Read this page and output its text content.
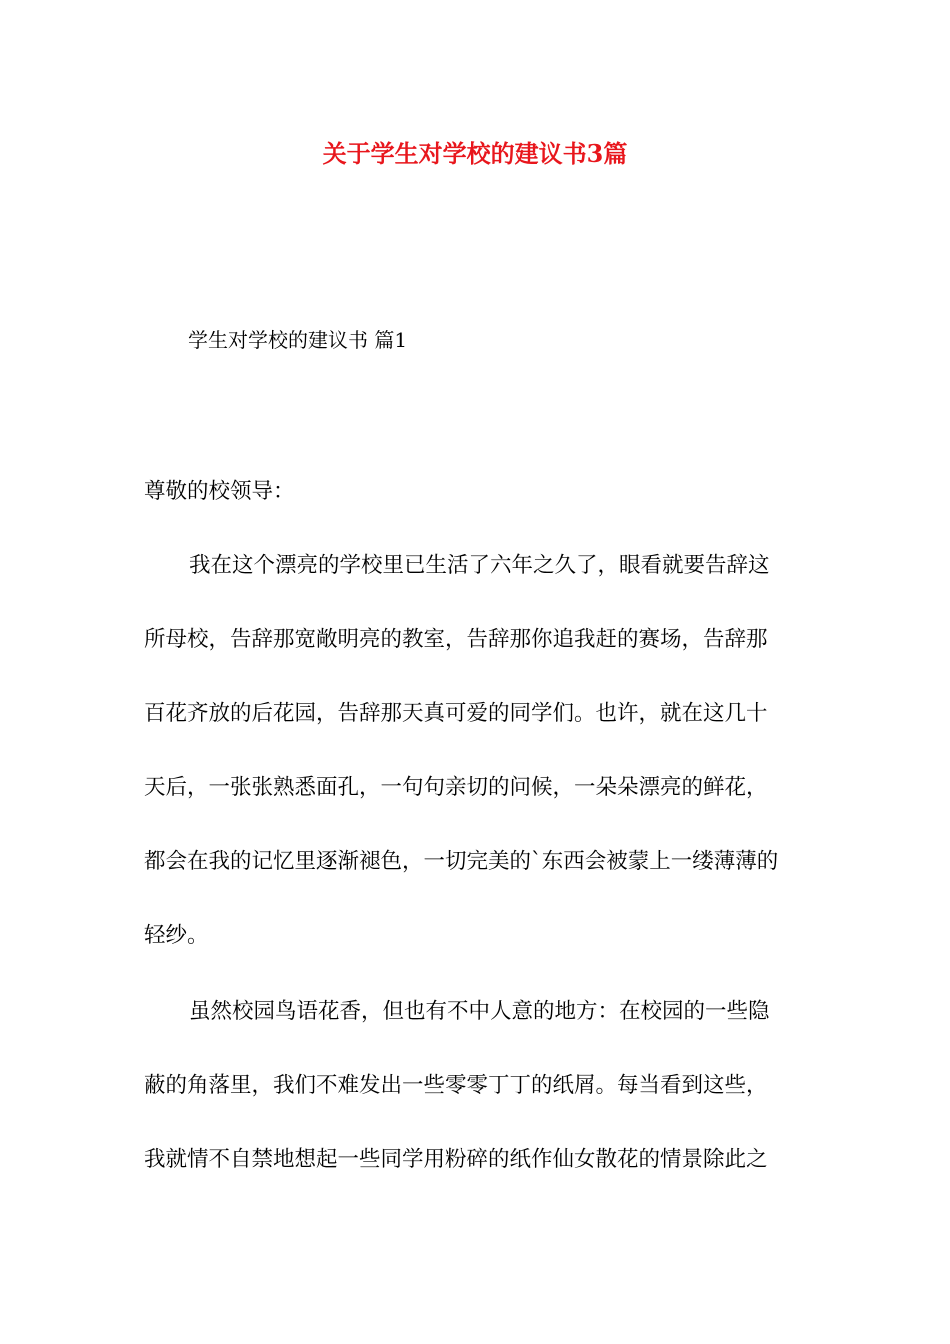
关于学生对学校的建议书3篇
学生对学校的建议书 篇1
尊敬的校领导：
我在这个漂亮的学校里已生活了六年之久了，眼看就要告辞这
所母校，告辞那宽敞明亮的教室，告辞那你追我赶的赛场，告辞那
百花齐放的后花园，告辞那天真可爱的同学们。也许，就在这几十
天后，一张张熟悉面孔，一句句亲切的问候，一朵朵漂亮的鲜花，
都会在我的记忆里逐渐褪色，一切完美的`东西会被蒙上一缕薄薄的
轻纱。
虽然校园鸟语花香，但也有不中人意的地方：在校园的一些隐
蔽的角落里，我们不难发出一些零零丁丁的纸屑。每当看到这些，
我就情不自禁地想起一些同学用粉碎的纸作仙女散花的情景除此之
